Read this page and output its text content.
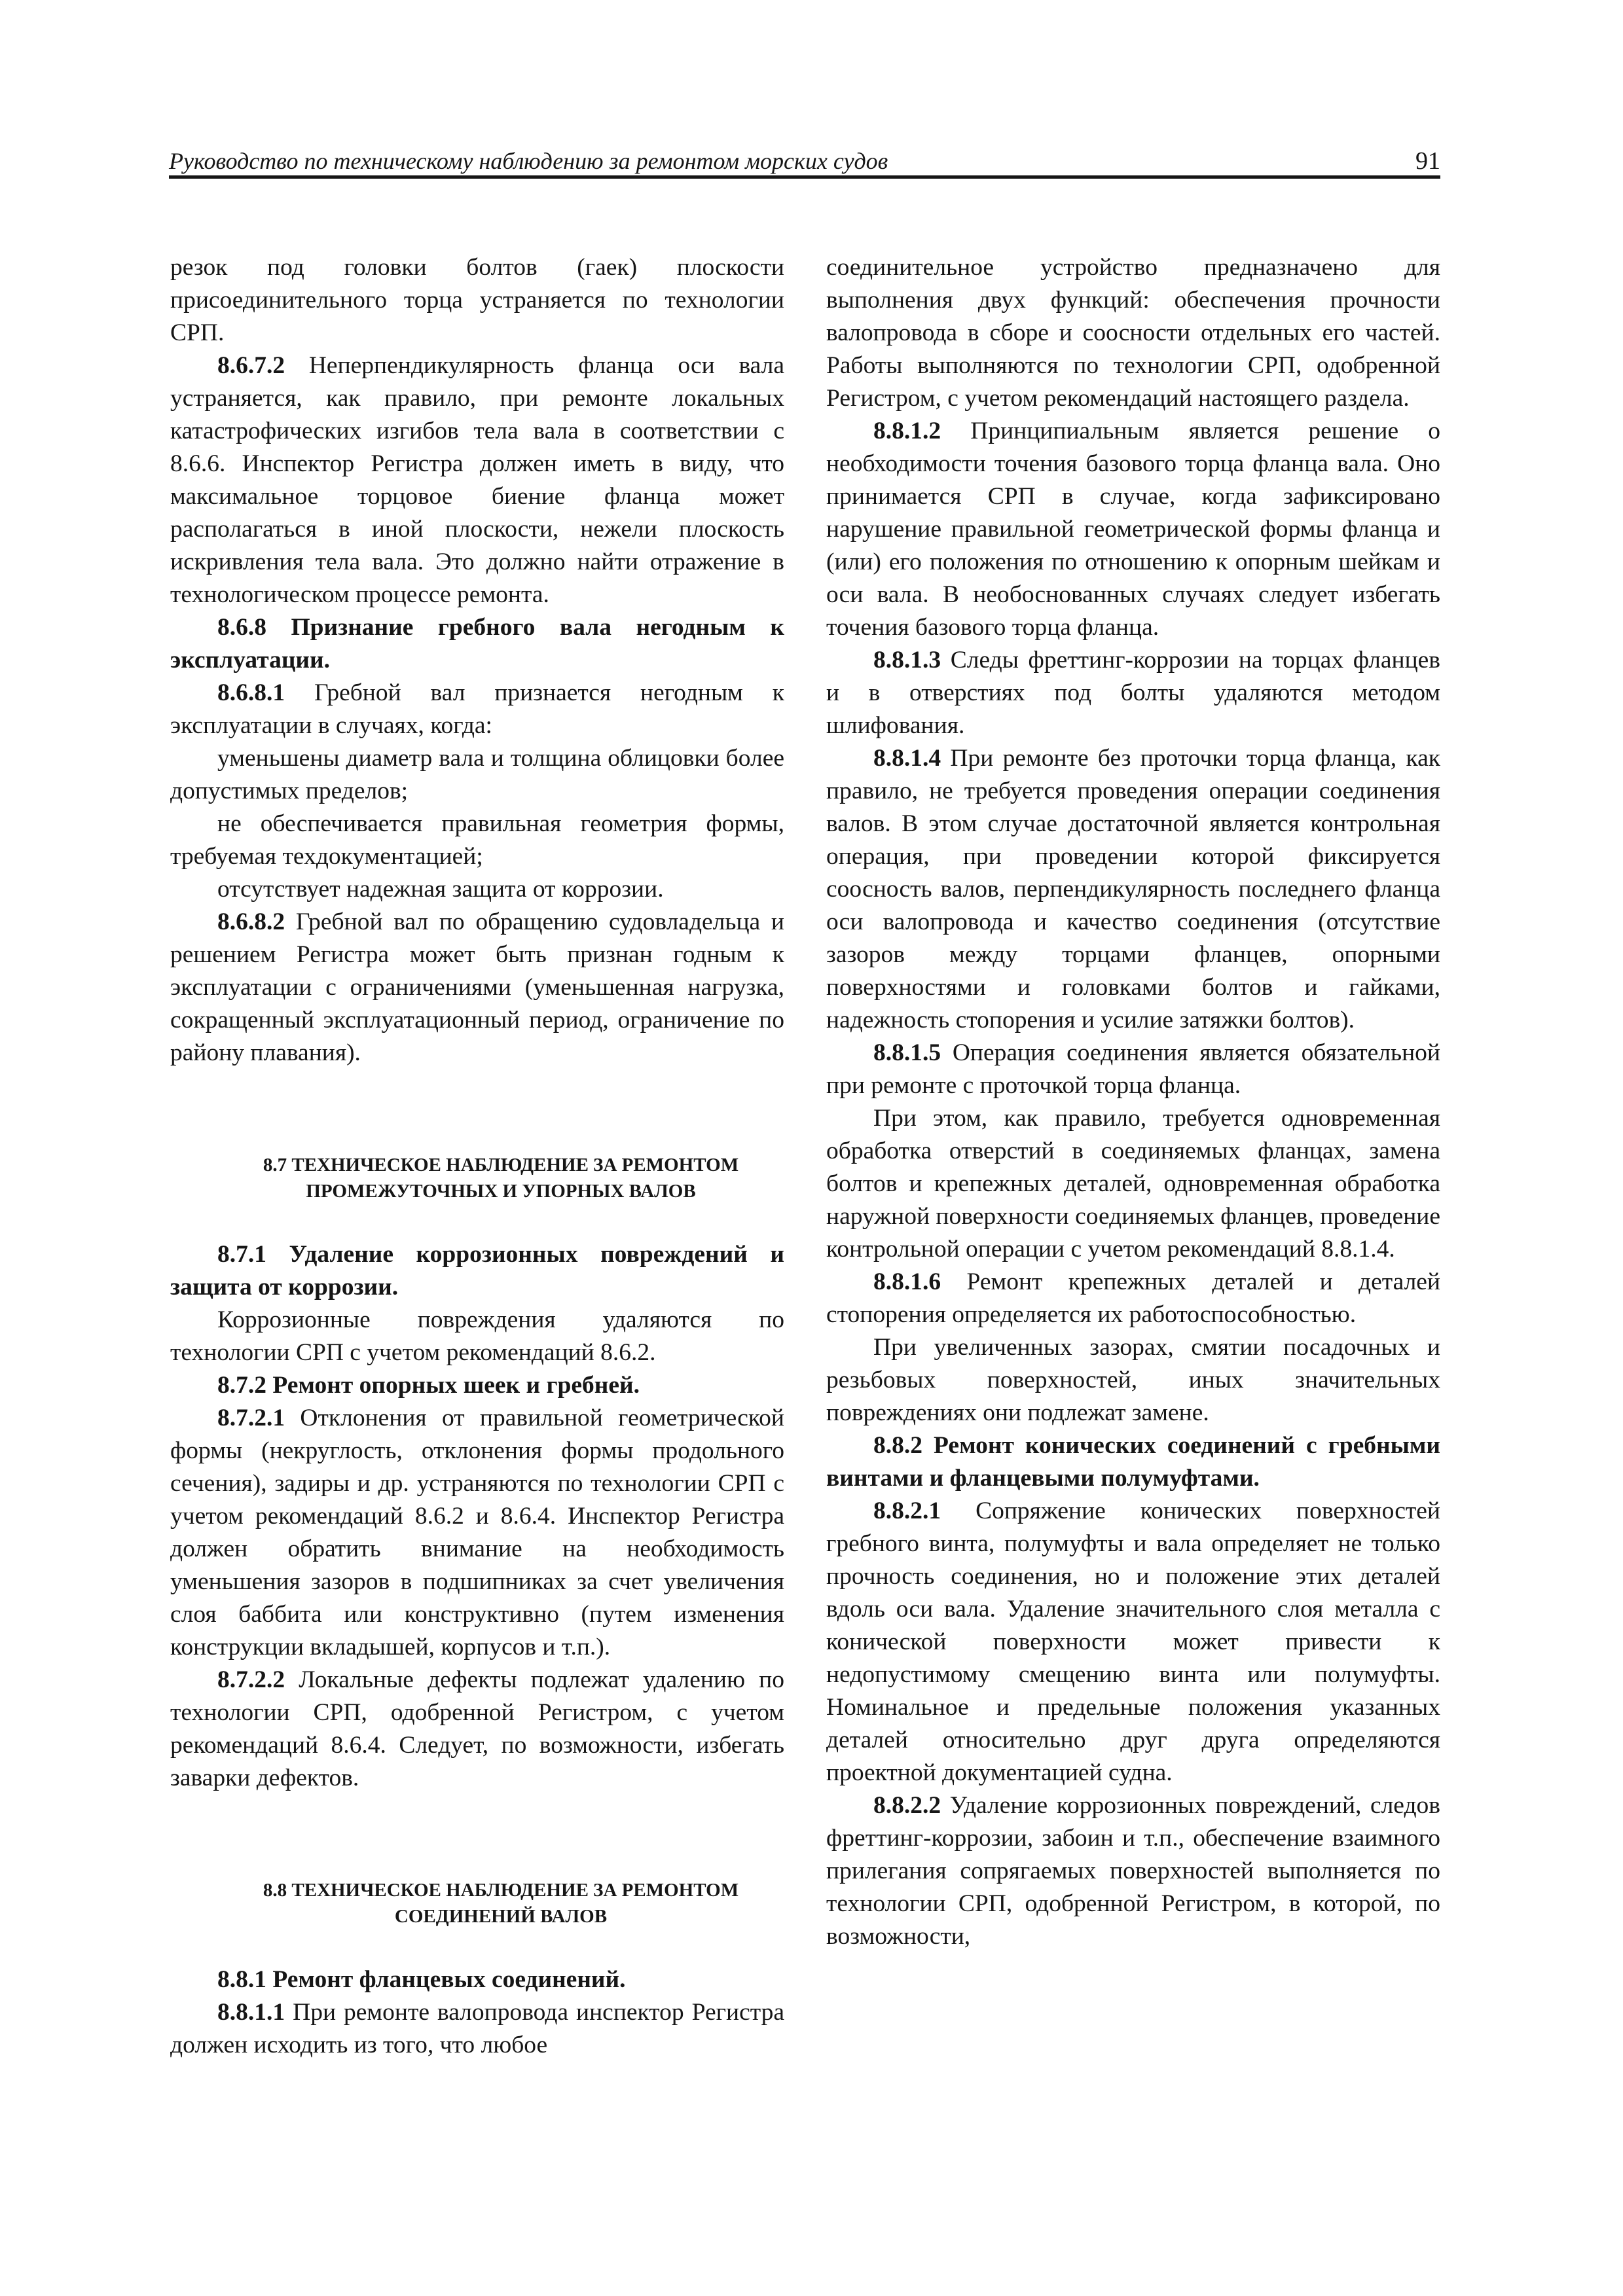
Руководство по техническому наблюдению за ремонтом морских судов	91

резок под головки болтов (гаек) плоскости присоединительного торца устраняется по технологии СРП.

8.6.7.2 Неперпендикулярность фланца оси вала устраняется, как правило, при ремонте локальных катастрофических изгибов тела вала в соответствии с 8.6.6. Инспектор Регистра должен иметь в виду, что максимальное торцовое биение фланца может располагаться в иной плоскости, нежели плоскость искривления тела вала. Это должно найти отражение в технологическом процессе ремонта.

8.6.8 Признание гребного вала негодным к эксплуатации.

8.6.8.1 Гребной вал признается негодным к эксплуатации в случаях, когда:

уменьшены диаметр вала и толщина облицовки более допустимых пределов;

не обеспечивается правильная геометрия формы, требуемая техдокументацией;

отсутствует надежная защита от коррозии.

8.6.8.2 Гребной вал по обращению судовладельца и решением Регистра может быть признан годным к эксплуатации с ограничениями (уменьшенная нагрузка, сокращенный эксплуатационный период, ограничение по району плавания).

8.7 ТЕХНИЧЕСКОЕ НАБЛЮДЕНИЕ ЗА РЕМОНТОМ

ПРОМЕЖУТОЧНЫХ И УПОРНЫХ ВАЛОВ

8.7.1 Удаление коррозионных повреждений и защита от коррозии.

Коррозионные повреждения удаляются по технологии СРП с учетом рекомендаций 8.6.2.

8.7.2 Ремонт опорных шеек и гребней.

8.7.2.1 Отклонения от правильной геометрической формы (некруглость, отклонения формы продольного сечения), задиры и др. устраняются по технологии СРП с учетом рекомендаций 8.6.2 и 8.6.4. Инспектор Регистра должен обратить внимание на необходимость уменьшения зазоров в подшипниках за счет увеличения слоя баббита или конструктивно (путем изменения конструкции вкладышей, корпусов и т.п.).

8.7.2.2 Локальные дефекты подлежат удалению по технологии СРП, одобренной Регистром, с учетом рекомендаций 8.6.4. Следует, по возможности, избегать заварки дефектов.

8.8 ТЕХНИЧЕСКОЕ НАБЛЮДЕНИЕ ЗА РЕМОНТОМ

СОЕДИНЕНИЙ ВАЛОВ

8.8.1 Ремонт фланцевых соединений.

8.8.1.1 При ремонте валопровода инспектор Регистра должен исходить из того, что любое

соединительное устройство предназначено для выполнения двух функций: обеспечения прочности валопровода в сборе и соосности отдельных его частей. Работы выполняются по технологии СРП, одобренной Регистром, с учетом рекомендаций настоящего раздела.

8.8.1.2 Принципиальным является решение о необходимости точения базового торца фланца вала. Оно принимается СРП в случае, когда зафиксировано нарушение правильной геометрической формы фланца и (или) его положения по отношению к опорным шейкам и оси вала. В необоснованных случаях следует избегать точения базового торца фланца.

8.8.1.3 Следы фреттинг-коррозии на торцах фланцев и в отверстиях под болты удаляются методом шлифования.

8.8.1.4 При ремонте без проточки торца фланца, как правило, не требуется проведения операции соединения валов. В этом случае достаточной является контрольная операция, при проведении которой фиксируется соосность валов, перпендикулярность последнего фланца оси валопровода и качество соединения (отсутствие зазоров между торцами фланцев, опорными поверхностями и головками болтов и гайками, надежность стопорения и усилие затяжки болтов).

8.8.1.5 Операция соединения является обязательной при ремонте с проточкой торца фланца.

При этом, как правило, требуется одновременная обработка отверстий в соединяемых фланцах, замена болтов и крепежных деталей, одновременная обработка наружной поверхности соединяемых фланцев, проведение контрольной операции с учетом рекомендаций 8.8.1.4.

8.8.1.6 Ремонт крепежных деталей и деталей стопорения определяется их работоспособностью.

При увеличенных зазорах, смятии посадочных и резьбовых поверхностей, иных значительных повреждениях они подлежат замене.

8.8.2 Ремонт конических соединений с гребными винтами и фланцевыми полумуфтами.

8.8.2.1 Сопряжение конических поверхностей гребного винта, полумуфты и вала определяет не только прочность соединения, но и положение этих деталей вдоль оси вала. Удаление значительного слоя металла с конической поверхности может привести к недопустимому смещению винта или полумуфты. Номинальное и предельные положения указанных деталей относительно друг друга определяются проектной документацией судна.

8.8.2.2 Удаление коррозионных повреждений, следов фреттинг-коррозии, забоин и т.п., обеспечение взаимного прилегания сопрягаемых поверхностей выполняется по технологии СРП, одобренной Регистром, в которой, по возможности,
